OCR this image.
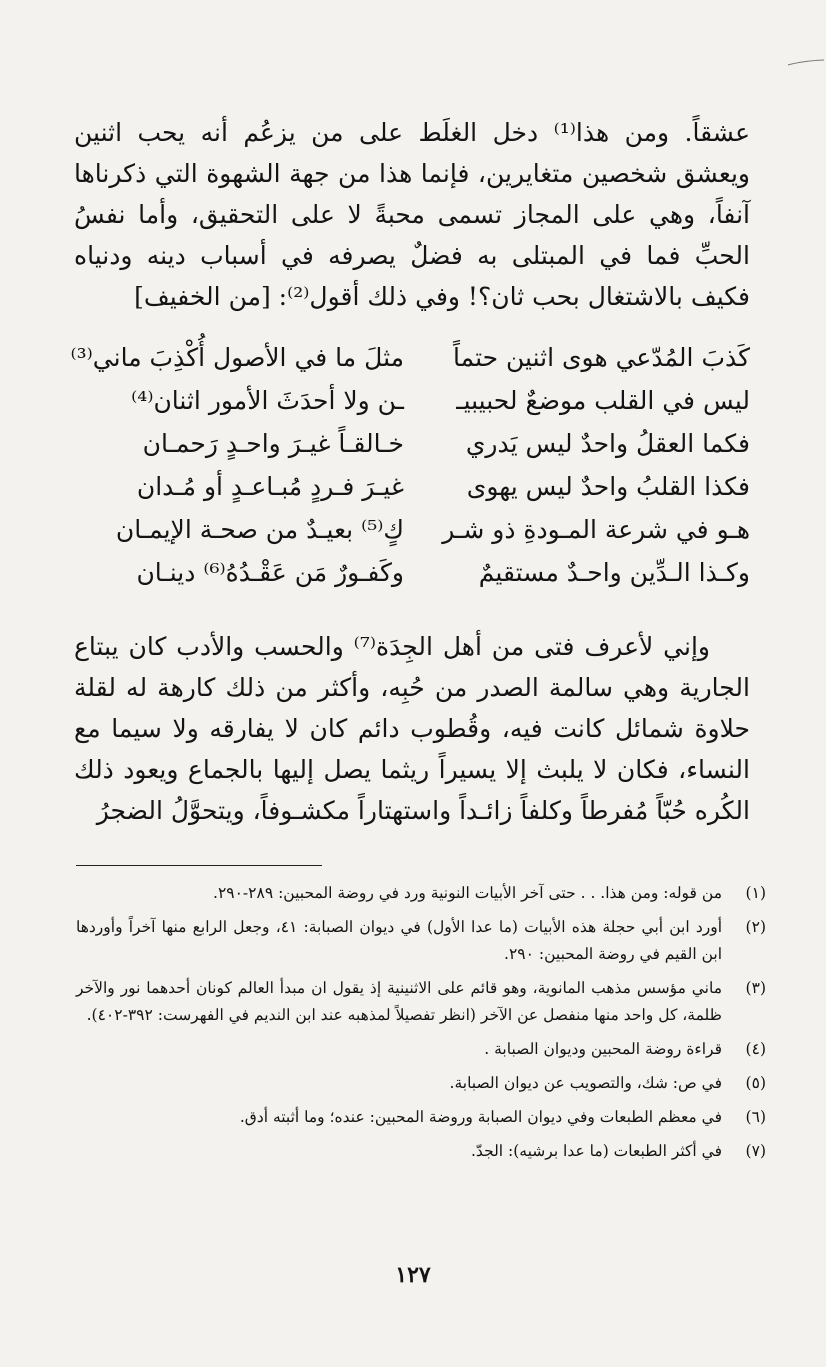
عشقاً. ومن هذا⁽¹⁾ دخل الغلَط على من يزعُم أنه يحب اثنين ويعشق شخصين متغايرين، فإنما هذا من جهة الشهوة التي ذكرناها آنفاً، وهي على المجاز تسمى محبةً لا على التحقيق، وأما نفسُ الحبِّ فما في المبتلى به فضلٌ يصرفه في أسباب دينه ودنياه فكيف بالاشتغال بحب ثان؟! وفي ذلك أقول⁽²⁾: [من الخفيف]

كَذبَ المُدّعي هوى اثنين حتماً
مثلَ ما في الأصول أُكْذِبَ ماني⁽³⁾
ليس في القلب موضعٌ لحبيبيـ
ـن ولا أحدَثَ الأمور اثنان⁽⁴⁾
فكما العقلُ واحدٌ ليس يَدري
خـالقـاً غيـرَ واحـدٍ رَحمـان
فكذا القلبُ واحدٌ ليس يهوى
غيـرَ فـردٍ مُبـاعـدٍ أو مُـدان
هـو في شرعة المـودةِ ذو شـر
كٍ⁽⁵⁾ بعيـدٌ من صحـة الإيمـان
وكـذا الـدِّين واحـدٌ مستقيمٌ
وكَفـورٌ مَن عَقْـدُهُ⁽⁶⁾ دينـان

وإني لأعرف فتى من أهل الجِدَة⁽⁷⁾ والحسب والأدب كان يبتاع الجارية وهي سالمة الصدر من حُبِه، وأكثر من ذلك كارهة له لقلة حلاوة شمائل كانت فيه، وقُطوب دائم كان لا يفارقه ولا سيما مع النساء، فكان لا يلبث إلا يسيراً ريثما يصل إليها بالجماع ويعود ذلك الكُره حُبّاً مُفرطاً وكلفاً زائـداً واستهتاراً مكشـوفاً، ويتحوَّلُ الضجرُ

(١)
من قوله: ومن هذا. . . حتى آخر الأبيات النونية ورد في روضة المحبين: ٢٨٩-٢٩٠.
(٢)
أورد ابن أبي حجلة هذه الأبيات (ما عدا الأول) في ديوان الصبابة: ٤١، وجعل الرابع منها آخراً وأوردها ابن القيم في روضة المحبين: ٢٩٠.
(٣)
ماني مؤسس مذهب المانوية، وهو قائم على الاثنينية إذ يقول ان مبدأ العالم كونان أحدهما نور والآخر ظلمة، كل واحد منها منفصل عن الآخر (انظر تفصيلاً لمذهبه عند ابن النديم في الفهرست: ٣٩٢-٤٠٢).
(٤)
قراءة روضة المحبين وديوان الصبابة .
(٥)
في ص: شك، والتصويب عن ديوان الصبابة.
(٦)
في معظم الطبعات وفي ديوان الصبابة وروضة المحبين: عنده؛ وما أثبته أدق.
(٧)
في أكثر الطبعات (ما عدا برشيه): الجدّ.
١٢٧
